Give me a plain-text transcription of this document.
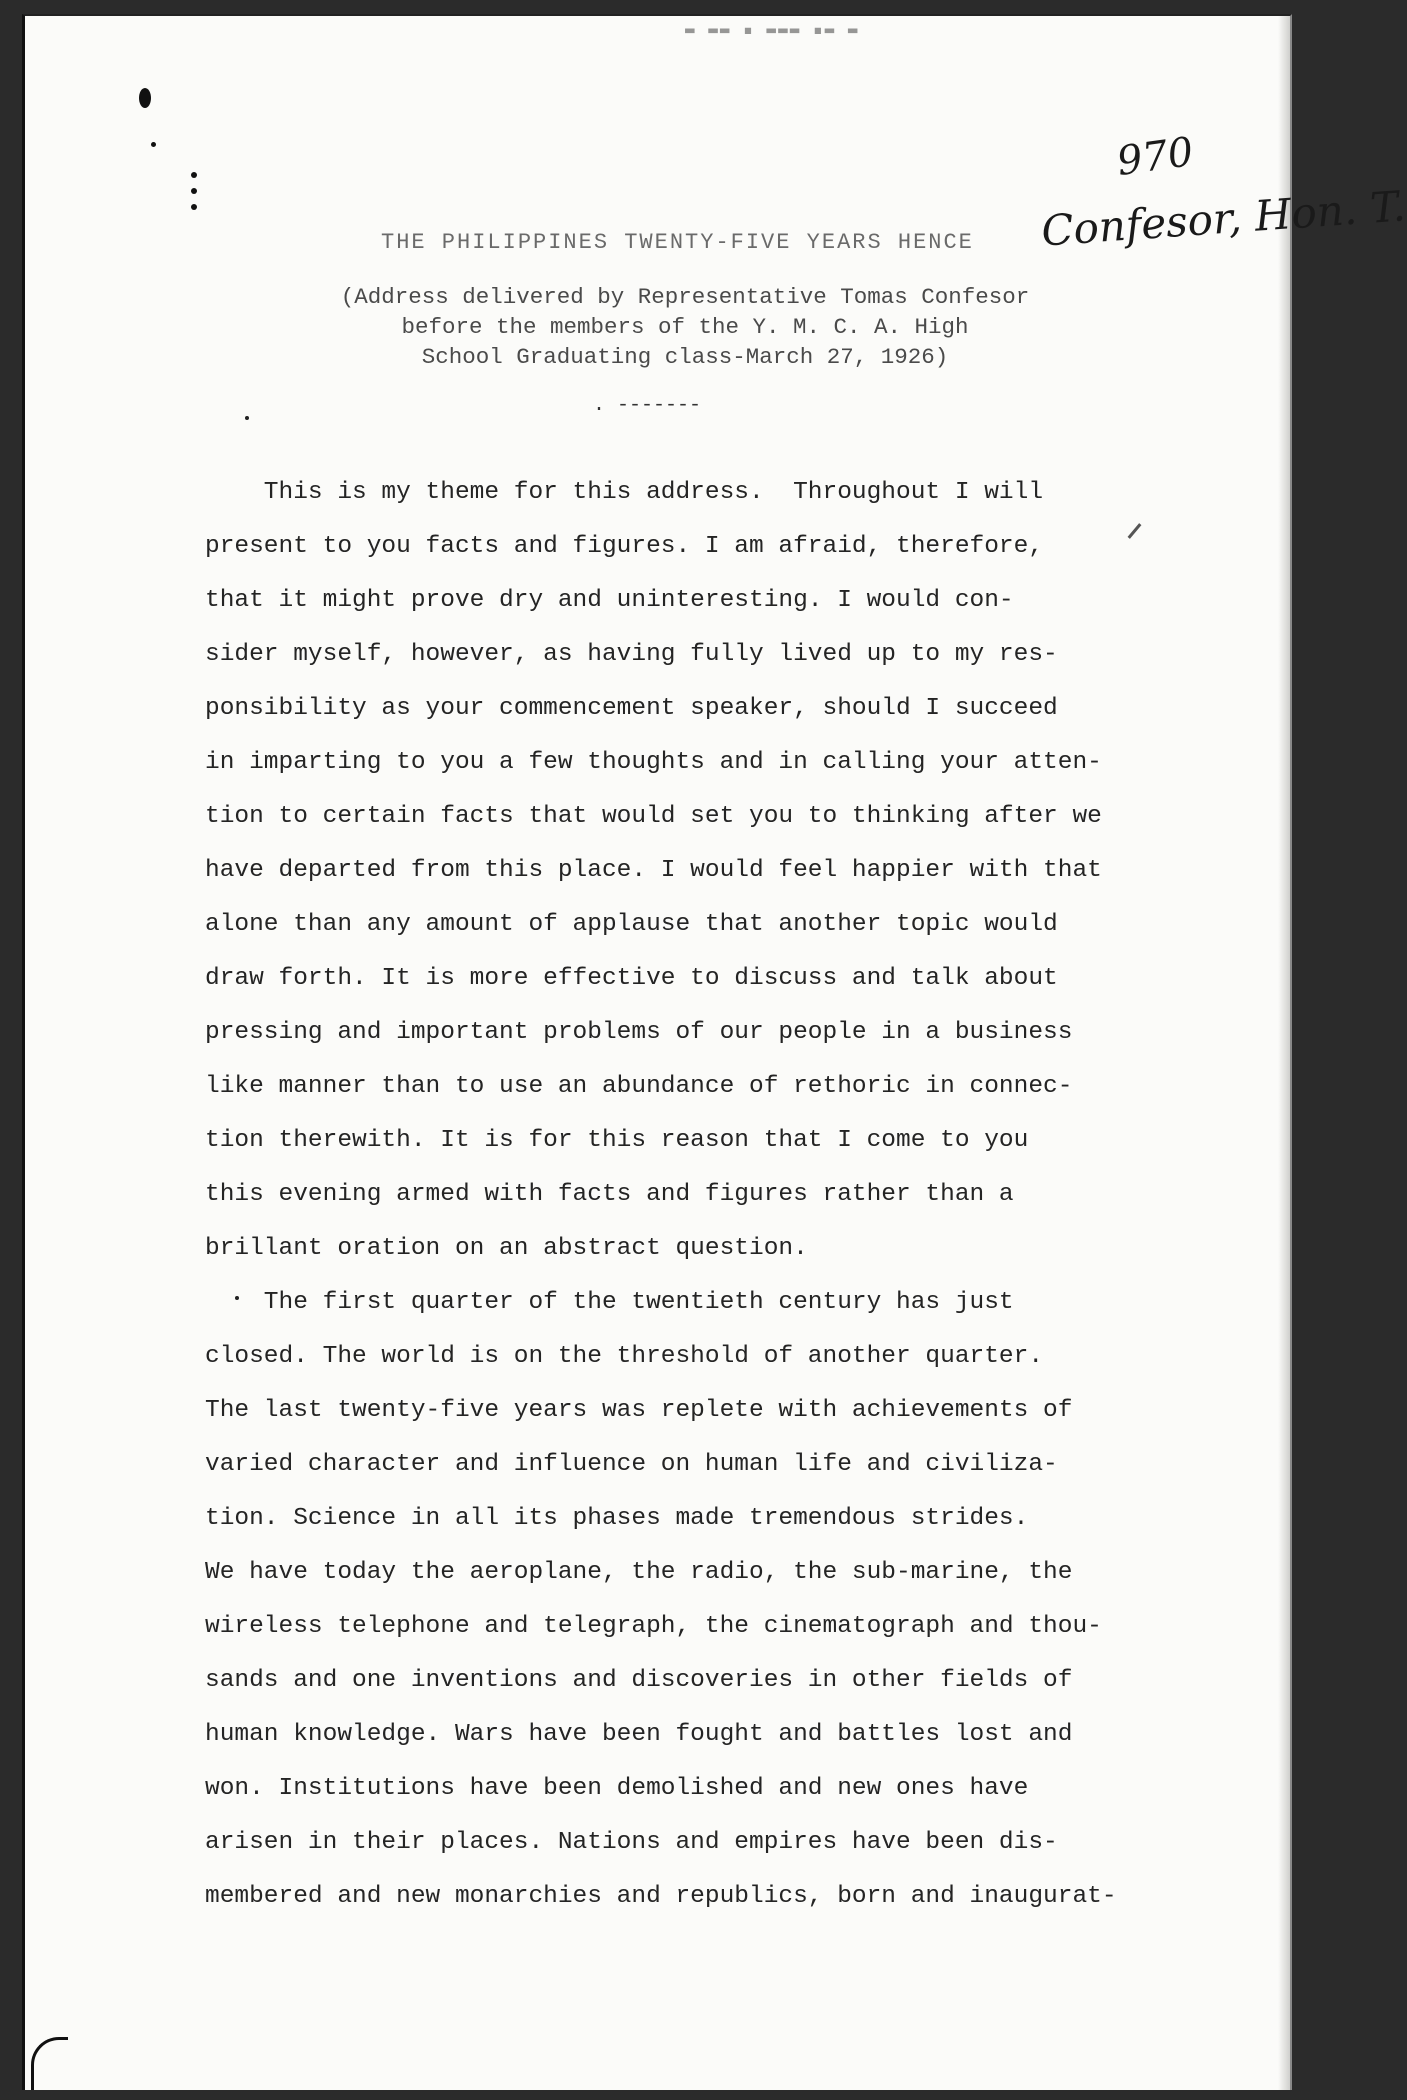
▬ ▬▬ ▪ ▬▬▬ ▪▬ ▬
970
Confesor, Hon. T.
THE PHILIPPINES TWENTY-FIVE YEARS HENCE
(Address delivered by Representative Tomas Confesor
before the members of the Y. M. C. A. High
School Graduating class-March 27, 1926)
. -------
This is my theme for this address.  Throughout I will
present to you facts and figures. I am afraid, therefore,
that it might prove dry and uninteresting. I would con-
sider myself, however, as having fully lived up to my res-
ponsibility as your commencement speaker, should I succeed
in imparting to you a few thoughts and in calling your atten-
tion to certain facts that would set you to thinking after we
have departed from this place. I would feel happier with that
alone than any amount of applause that another topic would
draw forth. It is more effective to discuss and talk about
pressing and important problems of our people in a business
like manner than to use an abundance of rethoric in connec-
tion therewith. It is for this reason that I come to you
this evening armed with facts and figures rather than a
brillant oration on an abstract question.
The first quarter of the twentieth century has just
closed. The world is on the threshold of another quarter.
The last twenty-five years was replete with achievements of
varied character and influence on human life and civiliza-
tion. Science in all its phases made tremendous strides.
We have today the aeroplane, the radio, the sub-marine, the
wireless telephone and telegraph, the cinematograph and thou-
sands and one inventions and discoveries in other fields of
human knowledge. Wars have been fought and battles lost and
won. Institutions have been demolished and new ones have
arisen in their places. Nations and empires have been dis-
membered and new monarchies and republics, born and inaugurat-
